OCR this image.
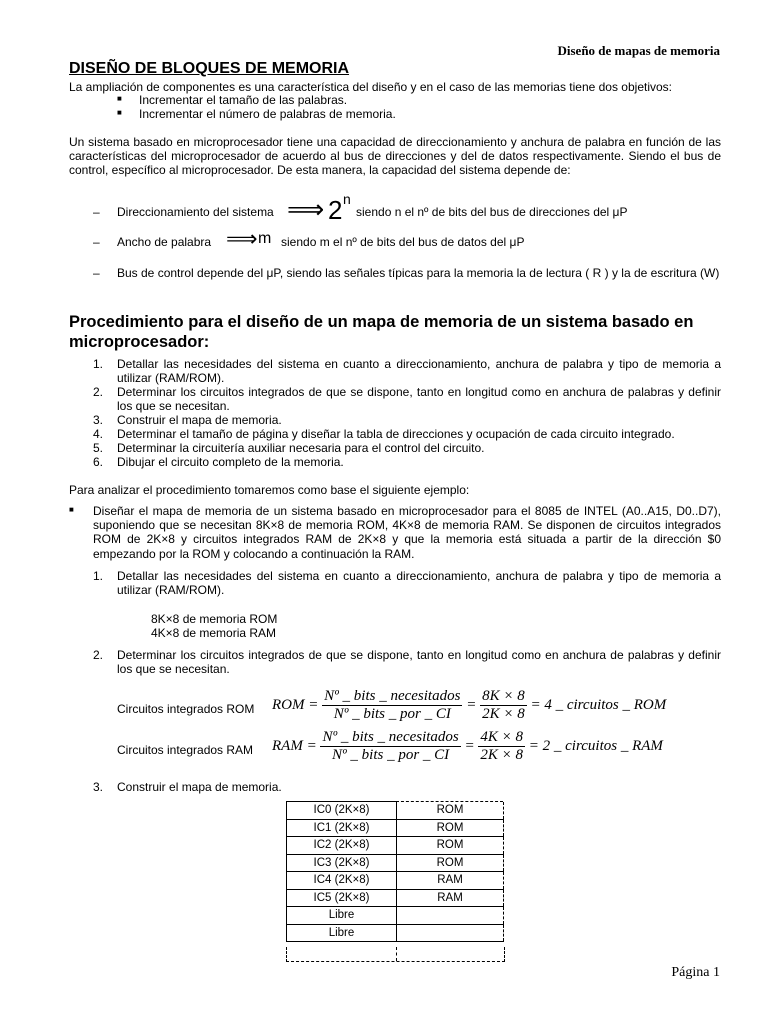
Diseño de mapas de memoria
DISEÑO DE BLOQUES DE MEMORIA
La ampliación de componentes es una característica del diseño y en el caso de las memorias tiene dos objetivos:
■ Incrementar el tamaño de las palabras.
■ Incrementar el número de palabras de memoria.
Un sistema basado en microprocesador tiene una capacidad de direccionamiento y anchura de palabra en función de las características del microprocesador de acuerdo al bus de direcciones y del de datos respectivamente. Siendo el bus de control, específico al microprocesador. De esta manera, la capacidad del sistema depende de:
– Direccionamiento del sistema ⟹ 2 n
siendo n el nº de bits del bus de direcciones del μP
– Ancho de palabra ⟹ m siendo m el nº de bits del bus de datos del μP
– Bus de control depende del μP, siendo las señales típicas para la memoria la de lectura ( R ) y la de escritura (W)
Procedimiento para el diseño de un mapa de memoria de un sistema basado en microprocesador:
1.	Detallar las necesidades del sistema en cuanto a direccionamiento, anchura de palabra y tipo de memoria a utilizar (RAM/ROM).
2.	Determinar los circuitos integrados de que se dispone, tanto en longitud como en anchura de palabras y definir los que se necesitan.
3.	Construir el mapa de memoria.
4.	Determinar el tamaño de página y diseñar la tabla de direcciones y ocupación de cada circuito integrado.
5.	Determinar la circuitería auxiliar necesaria para el control del circuito.
6.	Dibujar el circuito completo de la memoria.
Para analizar el procedimiento tomaremos como base el siguiente ejemplo:
■ Diseñar el mapa de memoria de un sistema basado en microprocesador para el 8085 de INTEL (A0..A15, D0..D7), suponiendo que se necesitan 8K×8 de memoria ROM, 4K×8 de memoria RAM. Se disponen de circuitos integrados ROM de 2K×8 y circuitos integrados RAM de 2K×8 y que la memoria está situada a partir de la dirección $0 empezando por la ROM y colocando a continuación la RAM.
1.	Detallar las necesidades del sistema en cuanto a direccionamiento, anchura de palabra y tipo de memoria a utilizar (RAM/ROM).
8K×8 de memoria ROM
4K×8 de memoria RAM
2.	Determinar los circuitos integrados de que se dispone, tanto en longitud como en anchura de palabras y definir los que se necesitan.
Circuitos integrados ROM ROM = $\frac{\text{Nº \_ bits \_ necesitados}}{\text{Nº \_ bits \_ por \_ CI}} = \frac{8K \times 8}{2K \times 8} = 4$ _ circuitos _ ROM
Circuitos integrados RAM RAM = $\frac{\text{Nº \_ bits \_ necesitados}}{\text{Nº \_ bits \_ por \_ CI}} = \frac{4K \times 8}{2K \times 8} = 2$ _ circuitos _ RAM
3.	Construir el mapa de memoria.
IC0 (2K×8)	ROM
IC1 (2K×8)	ROM
IC2 (2K×8)	ROM
IC3 (2K×8)	ROM
IC4 (2K×8)	RAM
IC5 (2K×8)	RAM
Libre	
Libre	
Página 1
